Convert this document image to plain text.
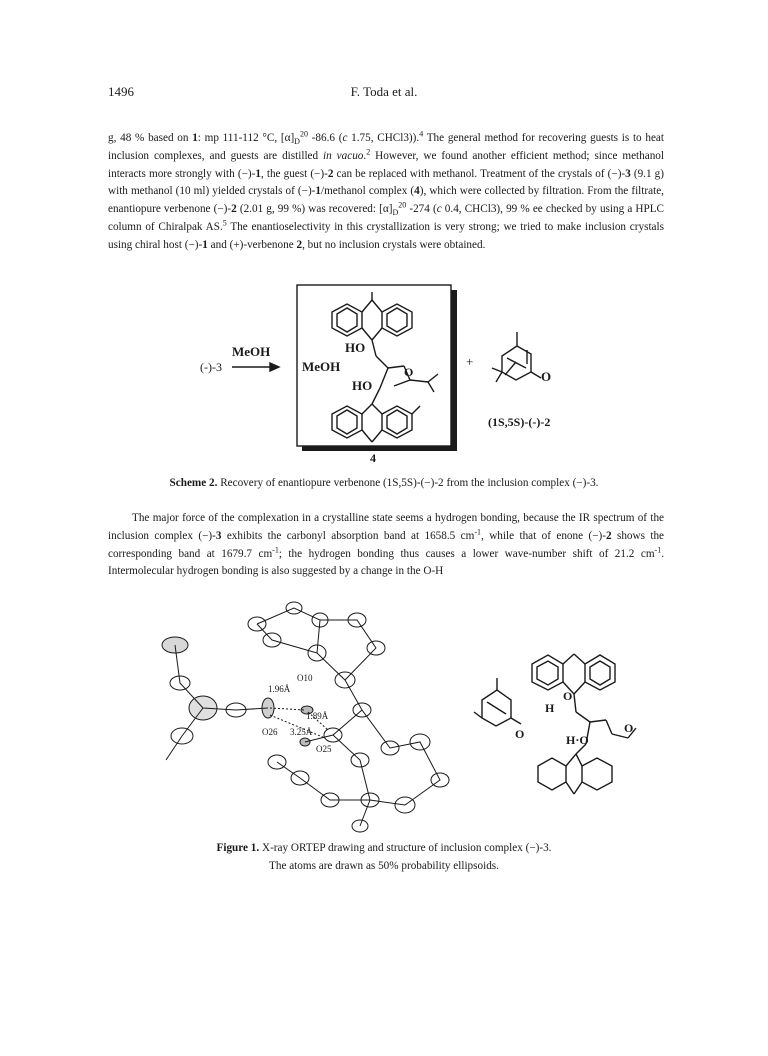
1496	F. Toda et al.

g, 48 % based on 1: mp 111-112 °C, $[\alpha]_D^{20}$ -86.6 (c 1.75, CHCl3)).$^4$ The general method for recovering guests is to heat inclusion complexes, and guests are distilled in vacuo.$^2$ However, we found another efficient method; since methanol interacts more strongly with (−)-1, the guest (−)-2 can be replaced with methanol. Treatment of the crystals of (−)-3 (9.1 g) with methanol (10 ml) yielded crystals of (−)-1/methanol complex (4), which were collected by filtration. From the filtrate, enantiopure verbenone (−)-2 (2.01 g, 99 %) was recovered: $[\alpha]_D^{20}$ -274 (c 0.4, CHCl3), 99 % ee checked by using a HPLC column of Chiralpak AS.$^5$ The enantioselectivity in this crystallization is very strong; we tried to make inclusion crystals using chiral host (−)-1 and (+)-verbenone 2, but no inclusion crystals were obtained.

(-)-3
MeOH
MeOH
HO
HO
O
+
O
(1S,5S)-(-)-2
4
O10
1.96Å
1.89Å
O26 3.25Å
O25
H
O
O	O
H·O
Scheme 2. Recovery of enantiopure verbenone (1S,5S)-(−)-2 from the inclusion complex (−)-3.

The major force of the complexation in a crystalline state seems a hydrogen bonding, because the IR spectrum of the inclusion complex (−)-3 exhibits the carbonyl absorption band at 1658.5 $cm^{-1}$, while that of enone (−)-2 shows the corresponding band at 1679.7 $cm^{-1}$; the hydrogen bonding thus causes a lower wave-number shift of 21.2 $cm^{-1}$. Intermolecular hydrogen bonding is also suggested by a change in the O-H

Figure 1. X-ray ORTEP drawing and structure of inclusion complex (−)-3.
The atoms are drawn as 50% probability ellipsoids.
